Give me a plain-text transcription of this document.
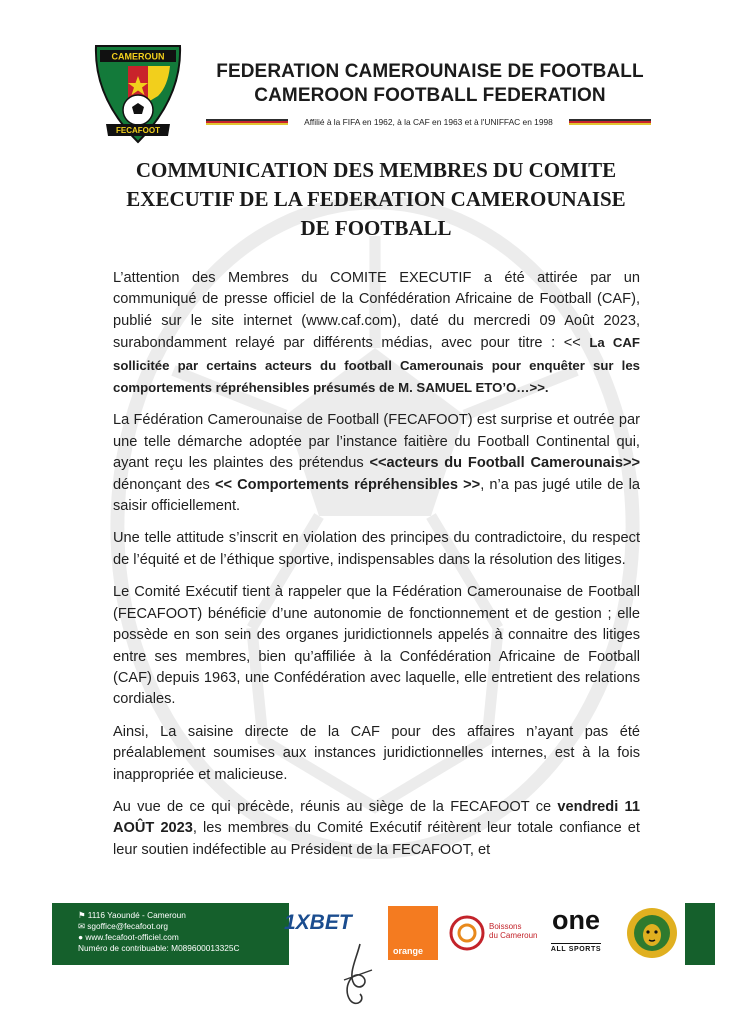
CAMEROUN
FECAFOOT
FEDERATION CAMEROUNAISE DE FOOTBALL
CAMEROON FOOTBALL FEDERATION
Affilié à la FIFA en 1962, à la CAF en 1963 et à l'UNIFFAC en 1998
COMMUNICATION DES MEMBRES DU COMITE
EXECUTIF DE LA FEDERATION CAMEROUNAISE
DE FOOTBALL

L’attention des Membres du COMITE EXECUTIF a été attirée par un communiqué de presse officiel de la Confédération Africaine de Football (CAF), publié sur le site internet (www.caf.com), daté du mercredi 09 Août 2023, surabondamment relayé par différents médias, avec pour titre : << La CAF sollicitée par certains acteurs du football Camerounais pour enquêter sur les comportements répréhensibles présumés de M. SAMUEL ETO’O…>>.

La Fédération Camerounaise de Football (FECAFOOT) est surprise et outrée par une telle démarche adoptée par l’instance faitière du Football Continental qui, ayant reçu les plaintes des prétendus <<acteurs du Football Camerounais>> dénonçant des << Comportements répréhensibles >>, n’a pas jugé utile de la saisir officiellement.

Une telle attitude s’inscrit en violation des principes du contradictoire, du respect de l’équité et de l’éthique sportive, indispensables dans la résolution des litiges.

Le Comité Exécutif tient à rappeler que la Fédération Camerounaise de Football (FECAFOOT) bénéficie d’une autonomie de fonctionnement et de gestion ; elle possède en son sein des organes juridictionnels appelés à connaitre des litiges entre ses membres, bien qu’affiliée à la Confédération Africaine de Football (CAF) depuis 1963, une Confédération avec laquelle, elle entretient des relations cordiales.

Ainsi, La saisine directe de la CAF pour des affaires n’ayant pas été préalablement soumises aux instances juridictionnelles internes, est à la fois inappropriée et malicieuse.

Au vue de ce qui précède, réunis au siège de la FECAFOOT ce vendredi 11 AOÛT 2023, les membres du Comité Exécutif réitèrent leur totale confiance et leur soutien indéfectible au Président de la FECAFOOT, et

⚑ 1116 Yaoundé - Cameroun
✉ sgoffice@fecafoot.org
● www.fecafoot-officiel.com
Numéro de contribuable: M089600013325C
1XBET
orange
Boissons
du Cameroun
one
ALL SPORTS
